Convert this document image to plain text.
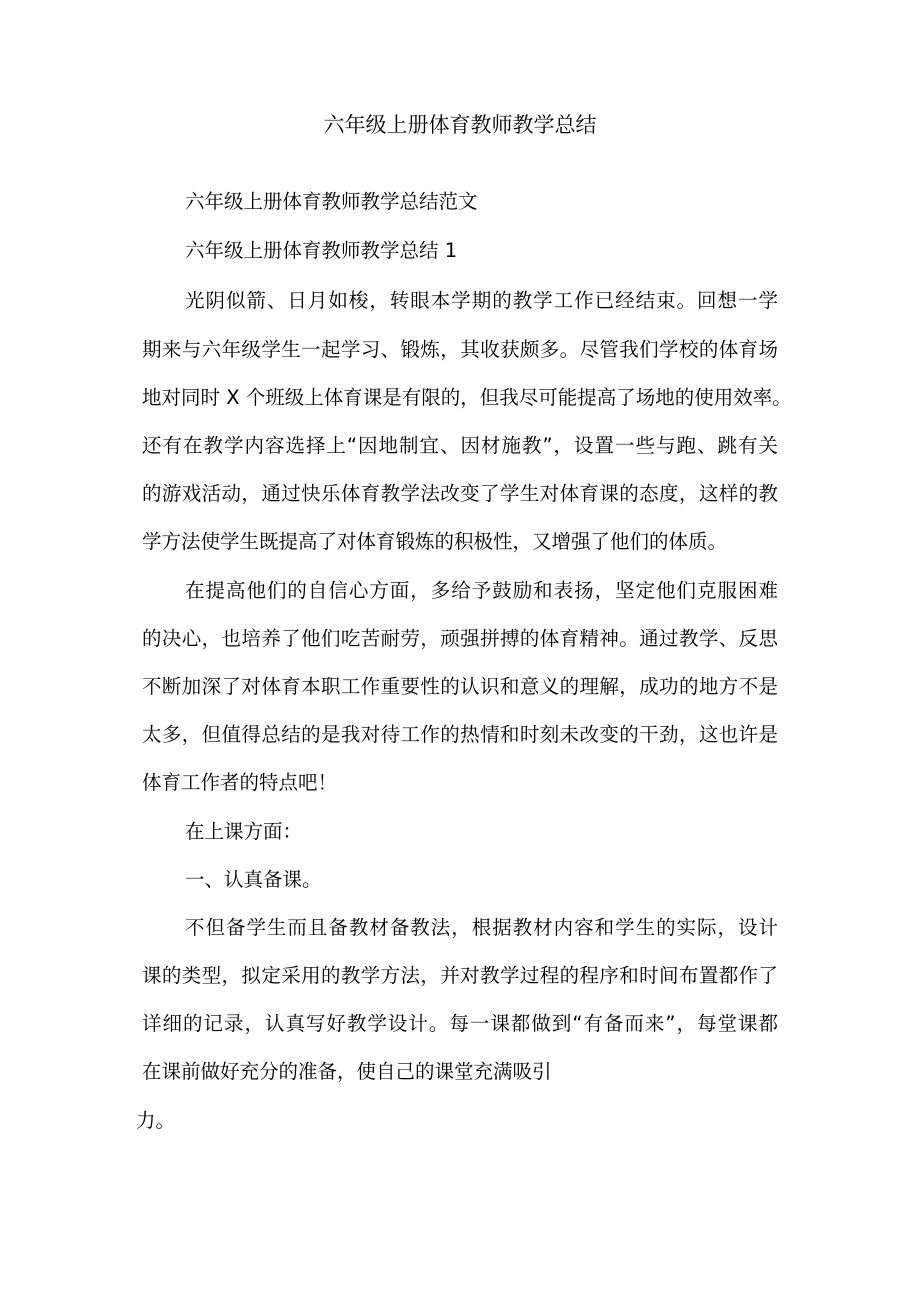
六年级上册体育教师教学总结

六年级上册体育教师教学总结范文

六年级上册体育教师教学总结 1

光阴似箭、日月如梭，转眼本学期的教学工作已经结束。回想一学

期来与六年级学生一起学习、锻炼，其收获颇多。尽管我们学校的体育场

地对同时 X 个班级上体育课是有限的，但我尽可能提高了场地的使用效率。

还有在教学内容选择上“因地制宜、因材施教”，设置一些与跑、跳有关

的游戏活动，通过快乐体育教学法改变了学生对体育课的态度，这样的教

学方法使学生既提高了对体育锻炼的积极性，又增强了他们的体质。

在提高他们的自信心方面，多给予鼓励和表扬，坚定他们克服困难

的决心，也培养了他们吃苦耐劳，顽强拼搏的体育精神。通过教学、反思

不断加深了对体育本职工作重要性的认识和意义的理解，成功的地方不是

太多，但值得总结的是我对待工作的热情和时刻未改变的干劲，这也许是

体育工作者的特点吧！

在上课方面：

一、认真备课。

不但备学生而且备教材备教法，根据教材内容和学生的实际，设计

课的类型，拟定采用的教学方法，并对教学过程的程序和时间布置都作了

详细的记录，认真写好教学设计。每一课都做到“有备而来”，每堂课都

在课前做好充分的准备，使自己的课堂充满吸引

力。
